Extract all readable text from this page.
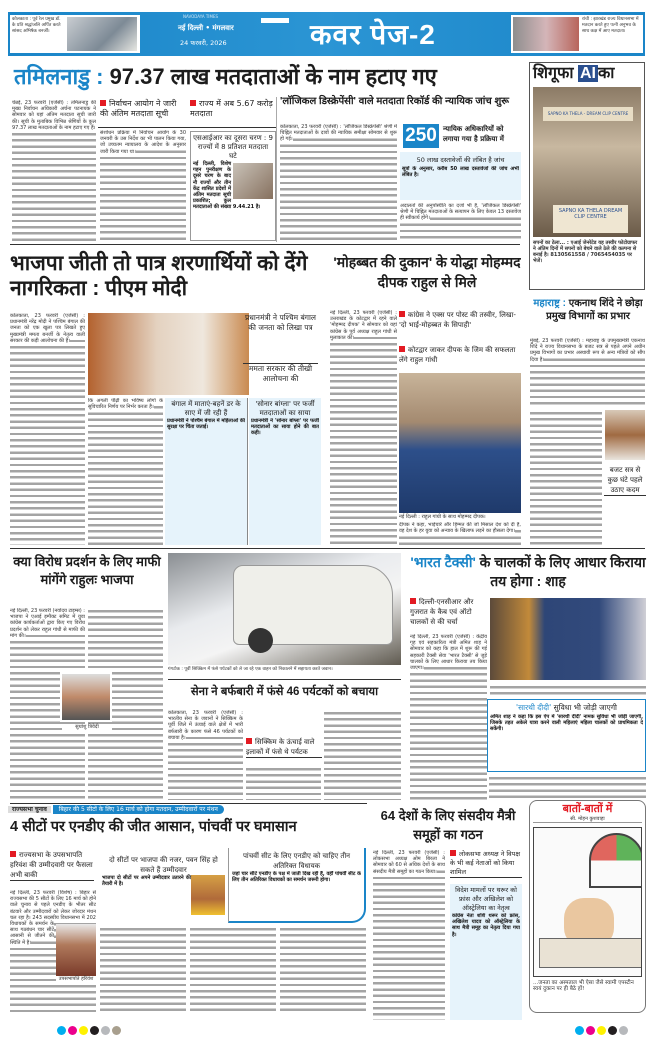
कोलकाता : पूर्व रेल प्रमुख डॉ. के प्रति श्रद्धांजलि अर्पित करते सांसद अभिषेक बनर्जी।
NAVODAYA TIMES
नई दिल्ली • मंगलवार
24 फरवरी, 2026	कवर पेज-2	रांची : झारखंड राज्य विधानसभा में मतदान करते हुए पत्नी अनुभव के साथ कक्ष में आए मतदाता।
तमिलनाडु : 97.37 लाख मतदाताओं के नाम हटाए गए
चेन्नई, 23 फरवरी (एजेंसी) : तमिलनाडु की मुख्य निर्वाचन अधिकारी अर्चना पटनायक ने सोमवार को यहां अंतिम मतदाता सूची जारी की। सूची के मुताबिक विभिन्न श्रेणियों के कुल 97.37 लाख मतदाताओं के नाम हटाए गए हैं।
निर्वाचन आयोग ने जारी की अंतिम मतदाता सूची
राज्य में अब 5.67 करोड़ मतदाता
संशोधन प्रक्रिया में निर्वाचन आयोग के 30 जनवरी के उस निर्देश का भी पालन किया गया, जो उच्चतम न्यायालय के आदेश के अनुसार जारी किया गया था।
एसआईआर का दूसरा चरण : 9 राज्यों में 8 प्रतिशत मतदाता घटे
नई दिल्ली, विशेष गहन पुनरीक्षण के दूसरे चरण के बाद नौ राज्यों और तीन केंद्र शासित प्रदेशों में अंतिम मतदाता सूची प्रकाशित; कुल मतदाताओं की संख्या 9.44.21 है।
'लॉजिकल डिस्क्रेपेंसी' वाले मतदाता रिकॉर्ड की न्यायिक जांच शुरू
कोलकाता, 23 फरवरी (एजेंसी) : 'लॉजिकल डिस्क्रेपेंसी' श्रेणी में चिह्नित मतदाताओं के दावों की न्यायिक समीक्षा सोमवार से शुरू हो गई।	250 न्यायिक अधिकारियों को लगाया गया है प्रक्रिया में
50 लाख दस्तावेजों की लंबित है जांच
सूत्रों के अनुसार, करीब 50 लाख दस्तावेजों की जांच अभी लंबित है।
अदालतों की अनुपस्थिति का दर्जा भी है, 'लॉजिकल डिस्क्रेपेंसी' श्रेणी में चिह्नित मतदाताओं के सत्यापन के लिए केवल 13 दस्तावेज ही स्वीकार्य होंगे।
शिगूफा AI का
SAPNO KA THELA - DREAM CLIP CENTRE
SAPNO KA THELA DREAM CLIP CENTRE
सपनों का ठेला... : एआई जेनरेटेड यह तस्वीर फोटोग्राफर ने अंतिम दिनों में सपनों को बेचने वाले ठेले की कल्पना से बनाई है। 8130561558 / 7065454035 पर भेजें।
भाजपा जीती तो पात्र शरणार्थियों को देंगे नागरिकता : पीएम मोदी
कोलकाता, 23 फरवरी (एजेंसी) : प्रधानमंत्री नरेंद्र मोदी ने पश्चिम बंगाल की जनता को एक खुला पत्र लिखते हुए मुख्यमंत्री ममता बनर्जी के नेतृत्व वाली सरकार की कड़ी आलोचना की है।
प्रधानमंत्री ने पश्चिम बंगाल की जनता को लिखा पत्र
ममता सरकार की तीखी आलोचना की
कि अगली पीढ़ी का भविष्य लोगों के सुविचारित निर्णय पर निर्भर करता है।	बंगाल में माताएं-बहनें डर के साए में जी रही हैं
प्रधानमंत्री ने पश्चिम बंगाल में महिलाओं की सुरक्षा पर चिंता जताई।
'सोनार बांग्ला' पर फर्जी मतदाताओं का साया
प्रधानमंत्री ने 'सोनार बांग्ला' पर फर्जी मतदाताओं का साया होने की बात कही।
'मोहब्बत की दुकान' के योद्धा मोहम्मद दीपक राहुल से मिले
नई दिल्ली, 23 फरवरी (एजेंसी) : उत्तराखंड के कोटद्वार में रहने वाले 'मोहम्मद दीपक' ने सोमवार को यहां कांग्रेस के पूर्व अध्यक्ष राहुल गांधी से मुलाकात की।
कांग्रेस ने एक्स पर पोस्ट की तस्वीर, लिखा- 'दो भाई-मोहब्बत के सिपाही'
कोटद्वार जाकर दीपक के जिम की सफलता लेंगे राहुल गांधी
नई दिल्ली : राहुल गांधी के साथ मोहम्मद दीपक।
दीपक ने कहा, भाईचारे और हिम्मत की जो मिसाल देश को दी है, वह देश के हर युवा को अन्याय के खिलाफ लड़ने का हौसला देगा।
महाराष्ट्र : एकनाथ शिंदे ने छोड़ा प्रमुख विभागों का प्रभार
मुंबई, 23 फरवरी (एजेंसी) : महाराष्ट्र के उपमुख्यमंत्री एकनाथ शिंदे ने राज्य विधानसभा के बजट सत्र से पहले अपने अधीन प्रमुख विभागों का प्रभार अस्थायी रूप से अन्य मंत्रियों को सौंप दिया है।
बजट सत्र से कुछ घंटे पहले उठाए कदम
क्या विरोध प्रदर्शन के लिए माफी मांगेंगे राहुलः भाजपा
नई दिल्ली, 23 फरवरी (नवोदय टाइम्स) : भाजपा ने एआई इम्पैक्ट समिट में युवा कांग्रेस कार्यकर्ताओं द्वारा किए गए विरोध प्रदर्शन को लेकर राहुल गांधी से माफी की मांग की।
सुधांशु त्रिवेदी
गंगटोक : पूर्वी सिक्किम में फंसे पर्यटकों को ले जा रहे एक वाहन को निकालने में सहायता करते जवान।
सेना ने बर्फबारी में फंसे 46 पर्यटकों को बचाया
कोलकाता, 23 फरवरी (एजेंसी) : भारतीय सेना के जवानों ने सिक्किम के पूर्वी जिले में ऊंचाई वाले क्षेत्रों में भारी बर्फबारी के कारण फंसे 46 पर्यटकों को बचाया है।
सिक्किम के ऊंचाई वाले इलाकों में फंसे थे पर्यटक
'भारत टैक्सी' के चालकों के लिए आधार किराया तय होगा : शाह
दिल्ली-एनसीआर और गुजरात के कैब एवं ऑटो चालकों से की चर्चा
नई दिल्ली, 23 फरवरी (एजेंसी) : केंद्रीय गृह एवं सहकारिता मंत्री अमित शाह ने सोमवार को कहा कि हाल में शुरू की गई सहकारी टैक्सी सेवा 'भारत टैक्सी' से जुड़े चालकों के लिए आधार किराया तय किया जाएगा।
'सारथी दीदी' सुविधा भी जोड़ी जाएगी
अमित शाह ने कहा कि इस ऐप में 'सारथी दीदी' नामक सुविधा भी जोड़ी जाएगी, जिसके तहत अकेले यात्रा करने वाली महिलाएं महिला चालकों को प्राथमिकता दे सकेंगी।
राज्यसभा चुनाव बिहार की 5 सीटों के लिए 16 मार्च को होगा मतदान, उम्मीदवारों पर मंथन
4 सीटों पर एनडीए की जीत आसान, पांचवीं पर घमासान
राज्यसभा के उपसभापति हरिवंश की उम्मीदवारी पर फैसला अभी बाकी
उपसभापति हरिवंश
नई दिल्ली, 23 फरवरी (विशेष) : बिहार से राज्यसभा की 5 सीटों के लिए 16 मार्च को होने वाले चुनाव से पहले एनडीए के भीतर सीट बंटवारे और उम्मीदवारों को लेकर जोरदार मंथन चल रहा है। 243 सदस्यीय विधानसभा में 202 विधायकों के समर्थन के साथ गठबंधन चार सीटें आसानी से जीतने की स्थिति में है।
दो सीटों पर भाजपा की नजर, पवन सिंह हो सकते हैं उम्मीदवार
भाजपा दो सीटों पर अपने उम्मीदवार उतारने की तैयारी में है।
पांचवीं सीट के लिए एनडीए को चाहिए तीन अतिरिक्त विधायक
जहां चार सीटें एनडीए के पक्ष में जाती दिख रही हैं, वहीं पांचवीं सीट के लिए तीन अतिरिक्त विधायकों का समर्थन जरूरी होगा।
64 देशों के लिए संसदीय मैत्री समूहों का गठन
नई दिल्ली, 23 फरवरी (एजेंसी) : लोकसभा अध्यक्ष ओम बिरला ने सोमवार को 60 से अधिक देशों के साथ संसदीय मैत्री समूहों का गठन किया।
लोकसभा अध्यक्ष ने विपक्ष के भी कई नेताओं को किया शामिल
विदेश मामलों पर थरूर को फ्रांस और अखिलेश को ऑस्ट्रेलिया का नेतृत्व
कांग्रेस नेता शशि थरूर को फ्रांस, अखिलेश यादव को ऑस्ट्रेलिया के साथ मैत्री समूह का नेतृत्व दिया गया है।
बातों-बातों में
सी. मोहन कुशवाहा
...जनता का अस्पताल भी ऐसा जैसे स्वामी एपस्टीन स्वयं दुकान पर ही बैठे हों!
